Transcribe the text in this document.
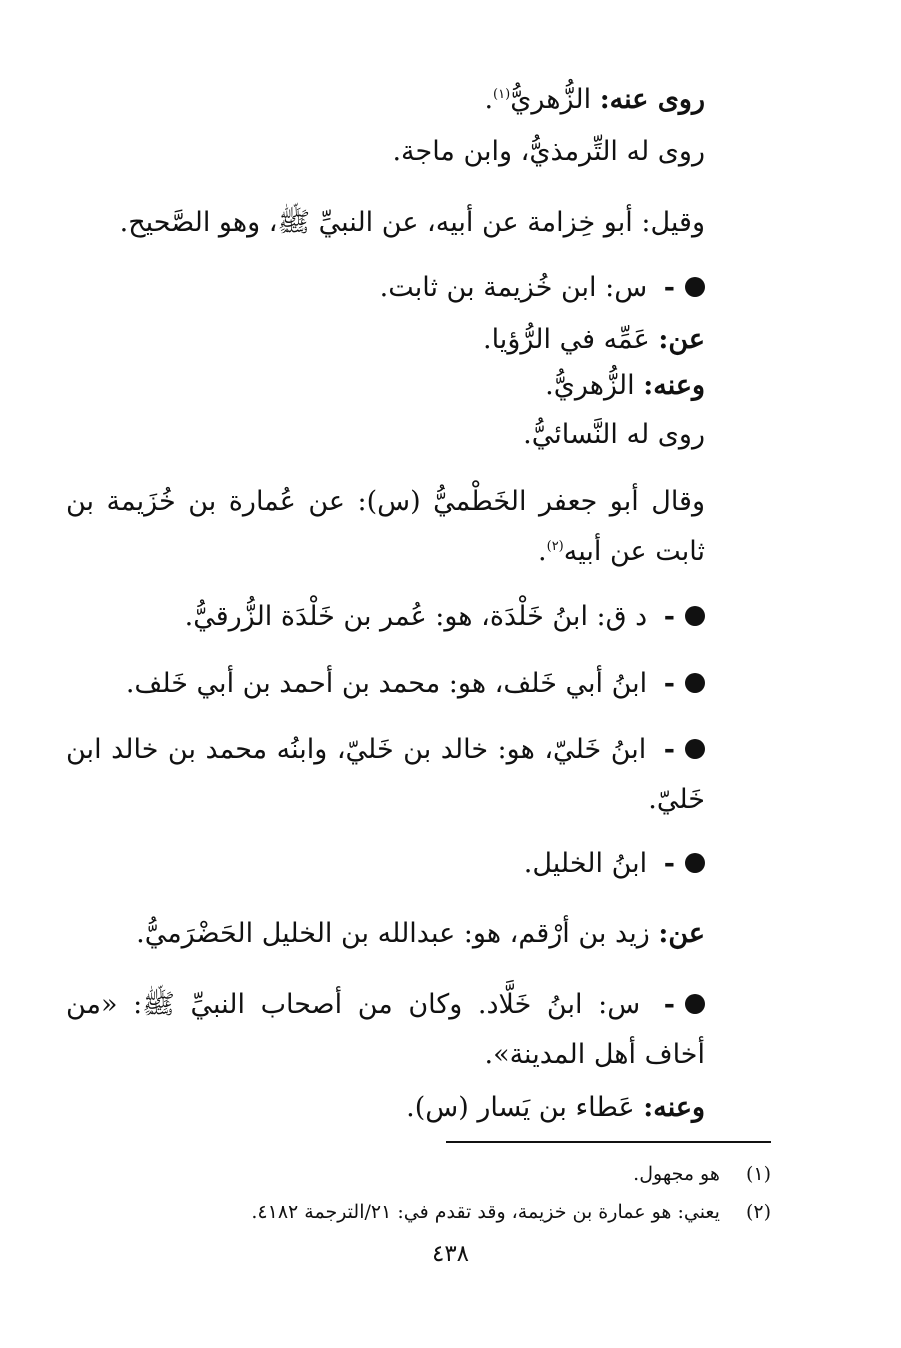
روى عنه: الزُّهريُّ$^{(١)}$.
روى له التِّرمذيُّ، وابن ماجة.
وقيل: أبو خِزامة عن أبيه، عن النبيِّ ﷺ، وهو الصَّحيح.
- س: ابن خُزيمة بن ثابت.
عن: عَمِّه في الرُّؤيا.
وعنه: الزُّهريُّ.
روى له النَّسائيُّ.
وقال أبو جعفر الخَطْميُّ (س): عن عُمارة بن خُزَيمة بن ثابت عن أبيه$^{(٢)}$.
- د ق: ابنُ خَلْدَة، هو: عُمر بن خَلْدَة الزُّرقيُّ.
- ابنُ أبي خَلف، هو: محمد بن أحمد بن أبي خَلف.
- ابنُ خَليّ، هو: خالد بن خَليّ، وابنُه محمد بن خالد ابن خَليّ.
- ابنُ الخليل.
عن: زيد بن أرْقم، هو: عبدالله بن الخليل الحَضْرَميُّ.
- س: ابنُ خَلَّاد. وكان من أصحاب النبيِّ ﷺ: «من أخاف أهل المدينة».
وعنه: عَطاء بن يَسار (س).
(١) هو مجهول.
(٢) يعني: هو عمارة بن خزيمة، وقد تقدم في: ٢١/الترجمة ٤١٨٢.
٤٣٨
